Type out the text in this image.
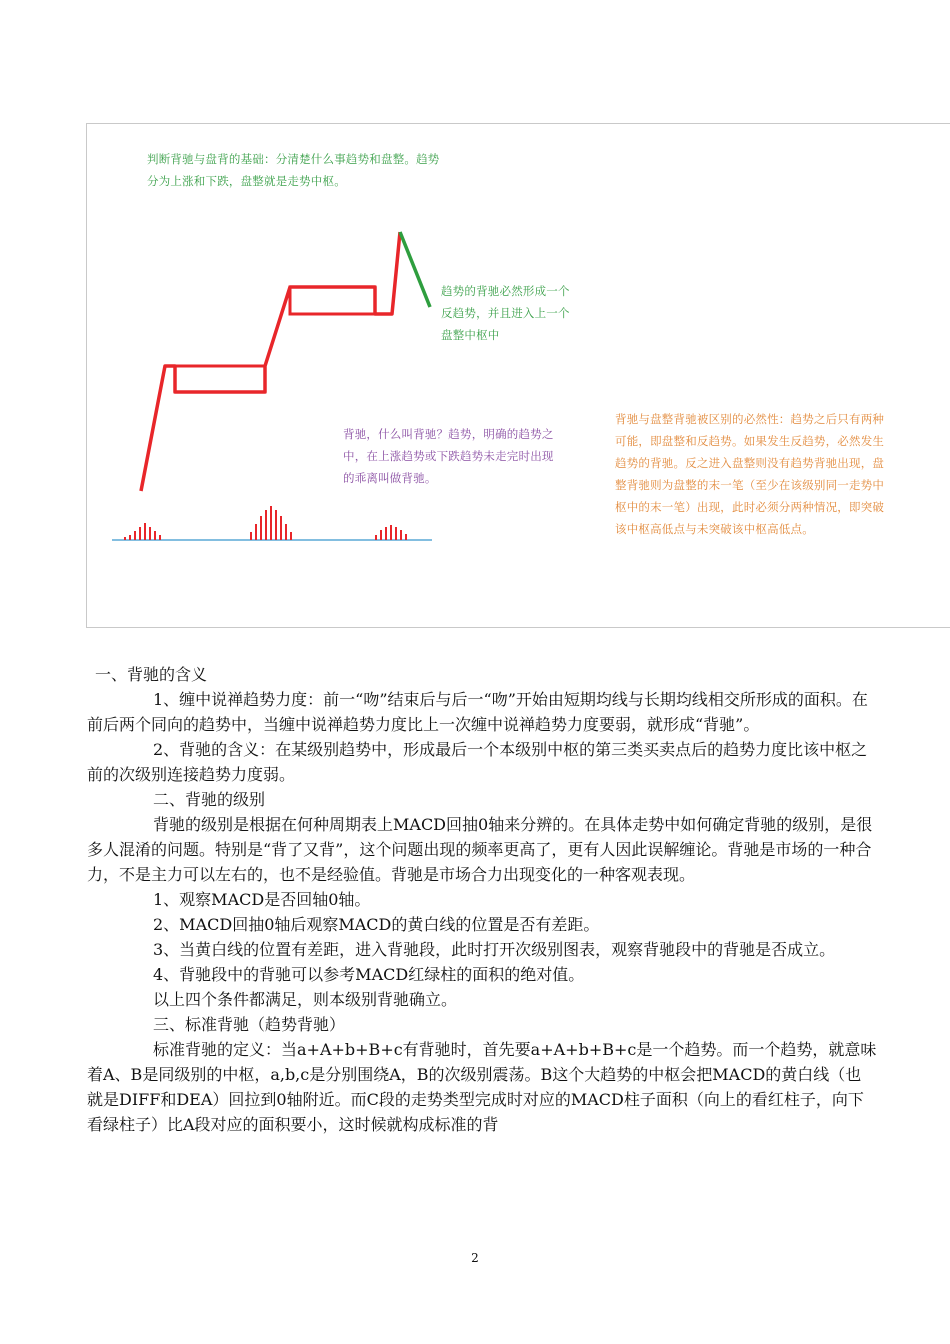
判断背驰与盘背的基础：分清楚什么事趋势和盘整。趋势分为上涨和下跌，盘整就是走势中枢。
趋势的背驰必然形成一个反趋势，并且进入上一个盘整中枢中
背驰，什么叫背驰？趋势，明确的趋势之中，在上涨趋势或下跌趋势未走完时出现的乖离叫做背驰。
背驰与盘整背驰被区别的必然性：趋势之后只有两种可能，即盘整和反趋势。如果发生反趋势，必然发生趋势的背驰。反之进入盘整则没有趋势背驰出现，盘整背驰则为盘整的末一笔（至少在该级别同一走势中枢中的末一笔）出现，此时必须分两种情况，即突破该中枢高低点与未突破该中枢高低点。

一、背驰的含义

1、缠中说禅趋势力度：前一“吻”结束后与后一“吻”开始由短期均线与长期均线相交所形成的面积。在前后两个同向的趋势中，当缠中说禅趋势力度比上一次缠中说禅趋势力度要弱，就形成“背驰”。

2、背驰的含义：在某级别趋势中，形成最后一个本级别中枢的第三类买卖点后的趋势力度比该中枢之前的次级别连接趋势力度弱。

二、背驰的级别

背驰的级别是根据在何种周期表上MACD回抽0轴来分辨的。在具体走势中如何确定背驰的级别，是很多人混淆的问题。特别是“背了又背”，这个问题出现的频率更高了，更有人因此误解缠论。背驰是市场的一种合力，不是主力可以左右的，也不是经验值。背驰是市场合力出现变化的一种客观表现。

1、观察MACD是否回轴0轴。

2、MACD回抽0轴后观察MACD的黄白线的位置是否有差距。

3、当黄白线的位置有差距，进入背驰段，此时打开次级别图表，观察背驰段中的背驰是否成立。

4、背驰段中的背驰可以参考MACD红绿柱的面积的绝对值。

以上四个条件都满足，则本级别背驰确立。

三、标准背驰（趋势背驰）

标准背驰的定义：当a+A+b+B+c有背驰时，首先要a+A+b+B+c是一个趋势。而一个趋势，就意味着A、B是同级别的中枢，a,b,c是分别围绕A，B的次级别震荡。B这个大趋势的中枢会把MACD的黄白线（也就是DIFF和DEA）回拉到0轴附近。而C段的走势类型完成时对应的MACD柱子面积（向上的看红柱子，向下看绿柱子）比A段对应的面积要小，这时候就构成标准的背

2
